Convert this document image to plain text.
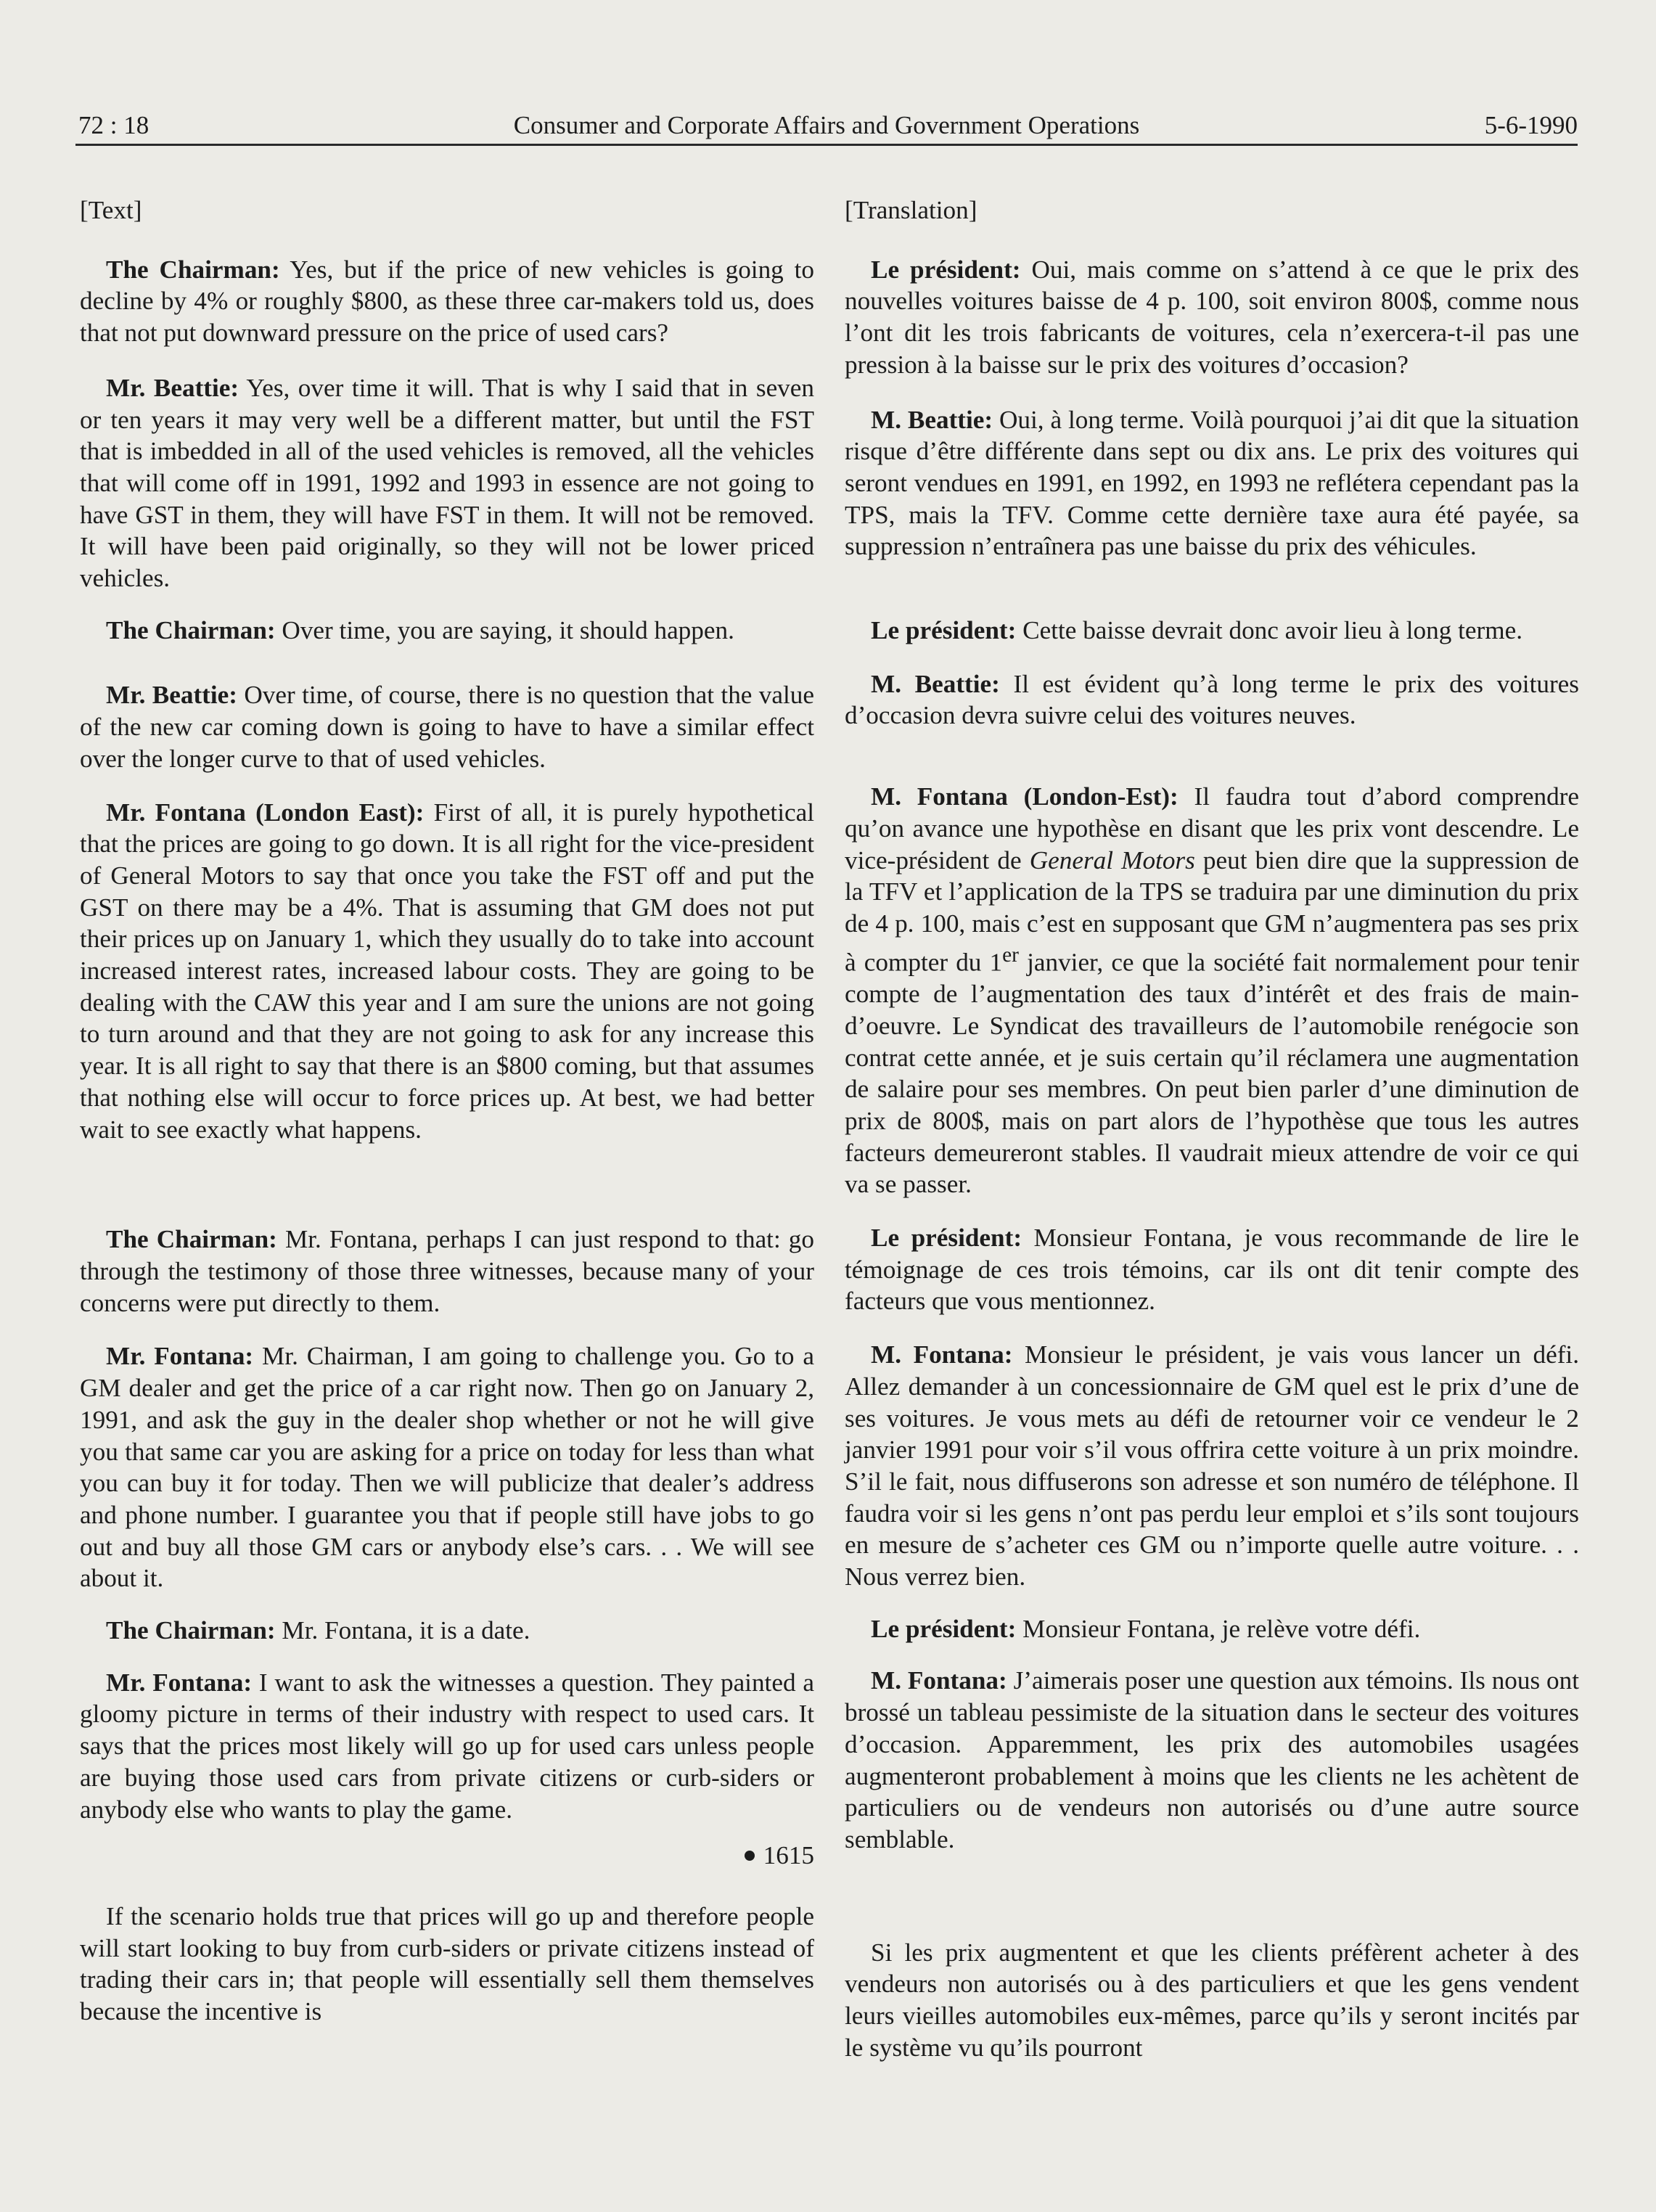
72 : 18	Consumer and Corporate Affairs and Government Operations	5-6-1990
[Text]

The Chairman: Yes, but if the price of new vehicles is going to decline by 4% or roughly $800, as these three car-makers told us, does that not put downward pressure on the price of used cars?

Mr. Beattie: Yes, over time it will. That is why I said that in seven or ten years it may very well be a different matter, but until the FST that is imbedded in all of the used vehicles is removed, all the vehicles that will come off in 1991, 1992 and 1993 in essence are not going to have GST in them, they will have FST in them. It will not be removed. It will have been paid originally, so they will not be lower priced vehicles.

The Chairman: Over time, you are saying, it should happen.

Mr. Beattie: Over time, of course, there is no question that the value of the new car coming down is going to have to have a similar effect over the longer curve to that of used vehicles.

Mr. Fontana (London East): First of all, it is purely hypothetical that the prices are going to go down. It is all right for the vice-president of General Motors to say that once you take the FST off and put the GST on there may be a 4%. That is assuming that GM does not put their prices up on January 1, which they usually do to take into account increased interest rates, increased labour costs. They are going to be dealing with the CAW this year and I am sure the unions are not going to turn around and that they are not going to ask for any increase this year. It is all right to say that there is an $800 coming, but that assumes that nothing else will occur to force prices up. At best, we had better wait to see exactly what happens.

The Chairman: Mr. Fontana, perhaps I can just respond to that: go through the testimony of those three witnesses, because many of your concerns were put directly to them.

Mr. Fontana: Mr. Chairman, I am going to challenge you. Go to a GM dealer and get the price of a car right now. Then go on January 2, 1991, and ask the guy in the dealer shop whether or not he will give you that same car you are asking for a price on today for less than what you can buy it for today. Then we will publicize that dealer’s address and phone number. I guarantee you that if people still have jobs to go out and buy all those GM cars or anybody else’s cars. . . We will see about it.

The Chairman: Mr. Fontana, it is a date.

Mr. Fontana: I want to ask the witnesses a question. They painted a gloomy picture in terms of their industry with respect to used cars. It says that the prices most likely will go up for used cars unless people are buying those used cars from private citizens or curb-siders or anybody else who wants to play the game.

1615

If the scenario holds true that prices will go up and therefore people will start looking to buy from curb-siders or private citizens instead of trading their cars in; that people will essentially sell them themselves because the incentive is

[Translation]

Le président: Oui, mais comme on s’attend à ce que le prix des nouvelles voitures baisse de 4 p. 100, soit environ 800$, comme nous l’ont dit les trois fabricants de voitures, cela n’exercera-t-il pas une pression à la baisse sur le prix des voitures d’occasion?

M. Beattie: Oui, à long terme. Voilà pourquoi j’ai dit que la situation risque d’être différente dans sept ou dix ans. Le prix des voitures qui seront vendues en 1991, en 1992, en 1993 ne reflétera cependant pas la TPS, mais la TFV. Comme cette dernière taxe aura été payée, sa suppression n’entraînera pas une baisse du prix des véhicules.

Le président: Cette baisse devrait donc avoir lieu à long terme.

M. Beattie: Il est évident qu’à long terme le prix des voitures d’occasion devra suivre celui des voitures neuves.

M. Fontana (London-Est): Il faudra tout d’abord comprendre qu’on avance une hypothèse en disant que les prix vont descendre. Le vice-président de General Motors peut bien dire que la suppression de la TFV et l’application de la TPS se traduira par une diminution du prix de 4 p. 100, mais c’est en supposant que GM n’augmentera pas ses prix à compter du 1er janvier, ce que la société fait normalement pour tenir compte de l’augmentation des taux d’intérêt et des frais de main-d’oeuvre. Le Syndicat des travailleurs de l’automobile renégocie son contrat cette année, et je suis certain qu’il réclamera une augmentation de salaire pour ses membres. On peut bien parler d’une diminution de prix de 800$, mais on part alors de l’hypothèse que tous les autres facteurs demeureront stables. Il vaudrait mieux attendre de voir ce qui va se passer.

Le président: Monsieur Fontana, je vous recommande de lire le témoignage de ces trois témoins, car ils ont dit tenir compte des facteurs que vous mentionnez.

M. Fontana: Monsieur le président, je vais vous lancer un défi. Allez demander à un concessionnaire de GM quel est le prix d’une de ses voitures. Je vous mets au défi de retourner voir ce vendeur le 2 janvier 1991 pour voir s’il vous offrira cette voiture à un prix moindre. S’il le fait, nous diffuserons son adresse et son numéro de téléphone. Il faudra voir si les gens n’ont pas perdu leur emploi et s’ils sont toujours en mesure de s’acheter ces GM ou n’importe quelle autre voiture. . . Nous verrez bien.

Le président: Monsieur Fontana, je relève votre défi.

M. Fontana: J’aimerais poser une question aux témoins. Ils nous ont brossé un tableau pessimiste de la situation dans le secteur des voitures d’occasion. Apparemment, les prix des automobiles usagées augmenteront probablement à moins que les clients ne les achètent de particuliers ou de vendeurs non autorisés ou d’une autre source semblable.

Si les prix augmentent et que les clients préfèrent acheter à des vendeurs non autorisés ou à des particuliers et que les gens vendent leurs vieilles automobiles eux-mêmes, parce qu’ils y seront incités par le système vu qu’ils pourront
